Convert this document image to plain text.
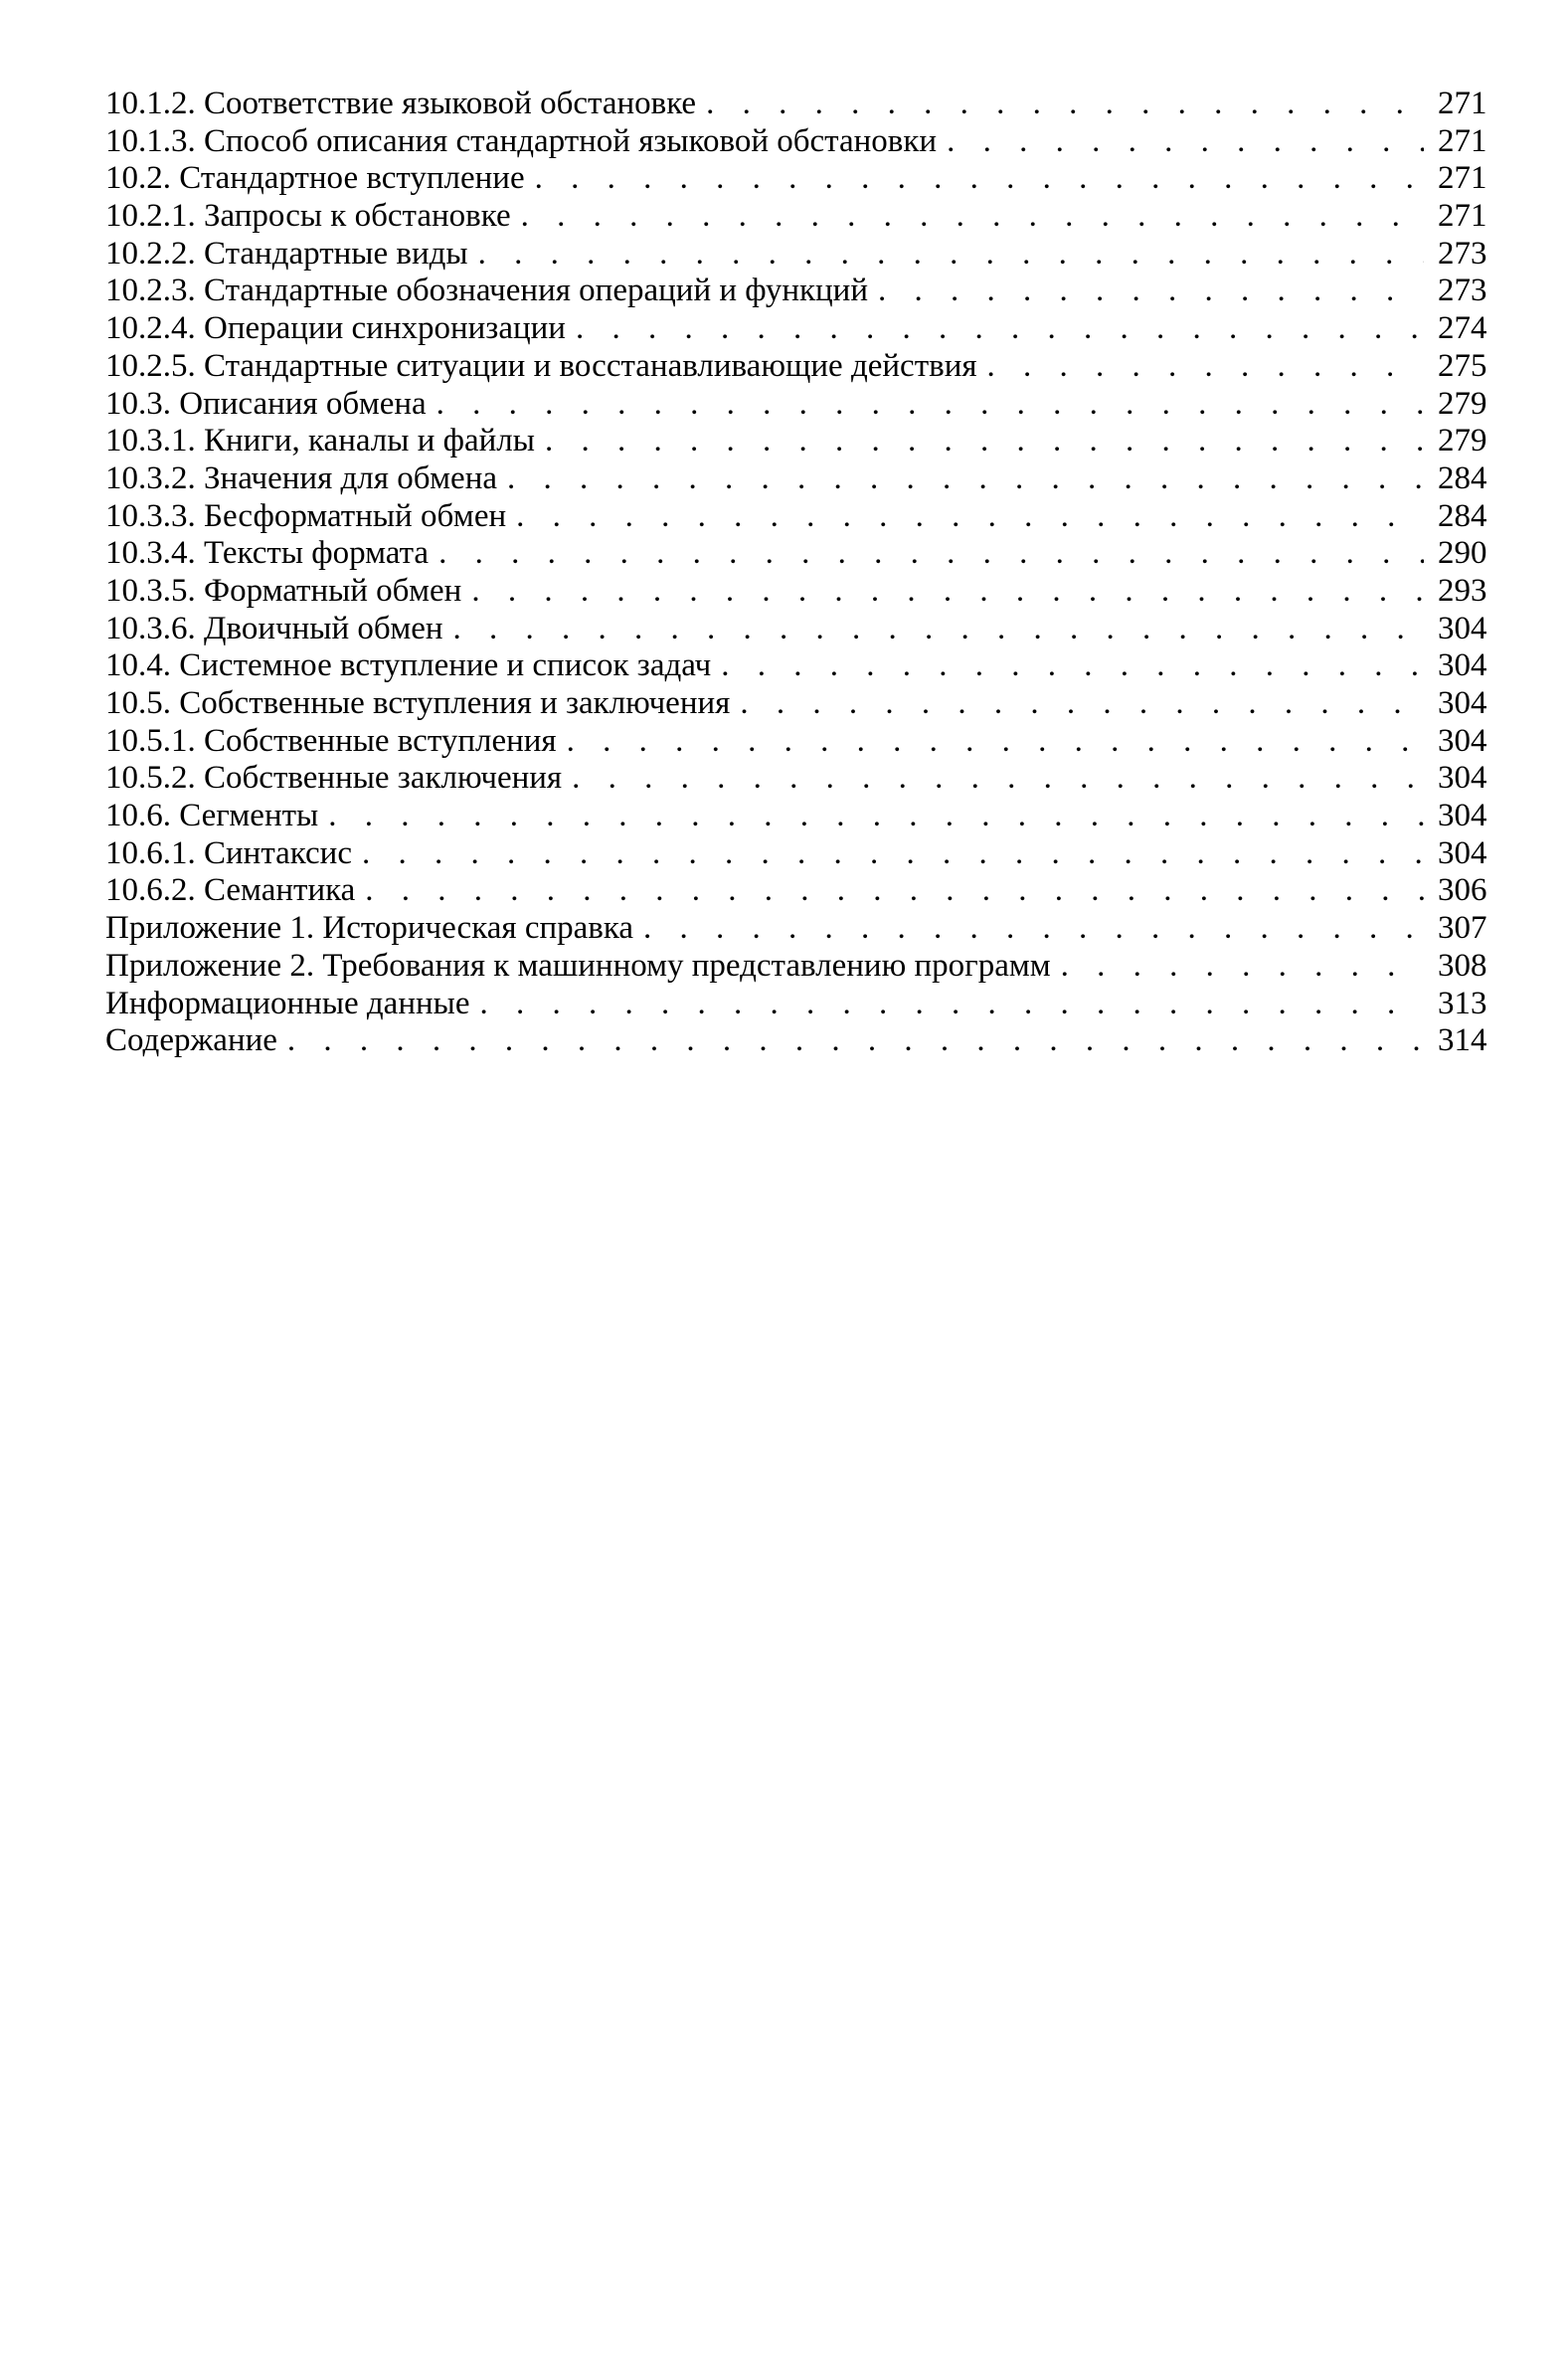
10.1.2. Соответствие языковой обстановке . . .	271
10.1.3. Способ описания стандартной языковой обстановки . . .	271
10.2. Стандартное вступление . . .	271
10.2.1. Запросы к обстановке . . .	271
10.2.2. Стандартные виды . . .	273
10.2.3. Стандартные обозначения операций и функций . . .	273
10.2.4. Операции синхронизации . . .	274
10.2.5. Стандартные ситуации и восстанавливающие действия . . .	275
10.3. Описания обмена . . .	279
10.3.1. Книги, каналы и файлы . . .	279
10.3.2. Значения для обмена . . .	284
10.3.3. Бесформатный обмен . . .	284
10.3.4. Тексты формата . . .	290
10.3.5. Форматный обмен . . .	293
10.3.6. Двоичный обмен . . .	304
10.4. Системное вступление и список задач . . .	304
10.5. Собственные вступления и заключения . . .	304
10.5.1. Собственные вступления . . .	304
10.5.2. Собственные заключения . . .	304
10.6. Сегменты . . .	304
10.6.1. Синтаксис . . .	304
10.6.2. Семантика . . .	306
Приложение 1. Историческая справка . . .	307
Приложение 2. Требования к машинному представлению программ . . .	308
Информационные данные . . .	313
Содержание . . .	314
